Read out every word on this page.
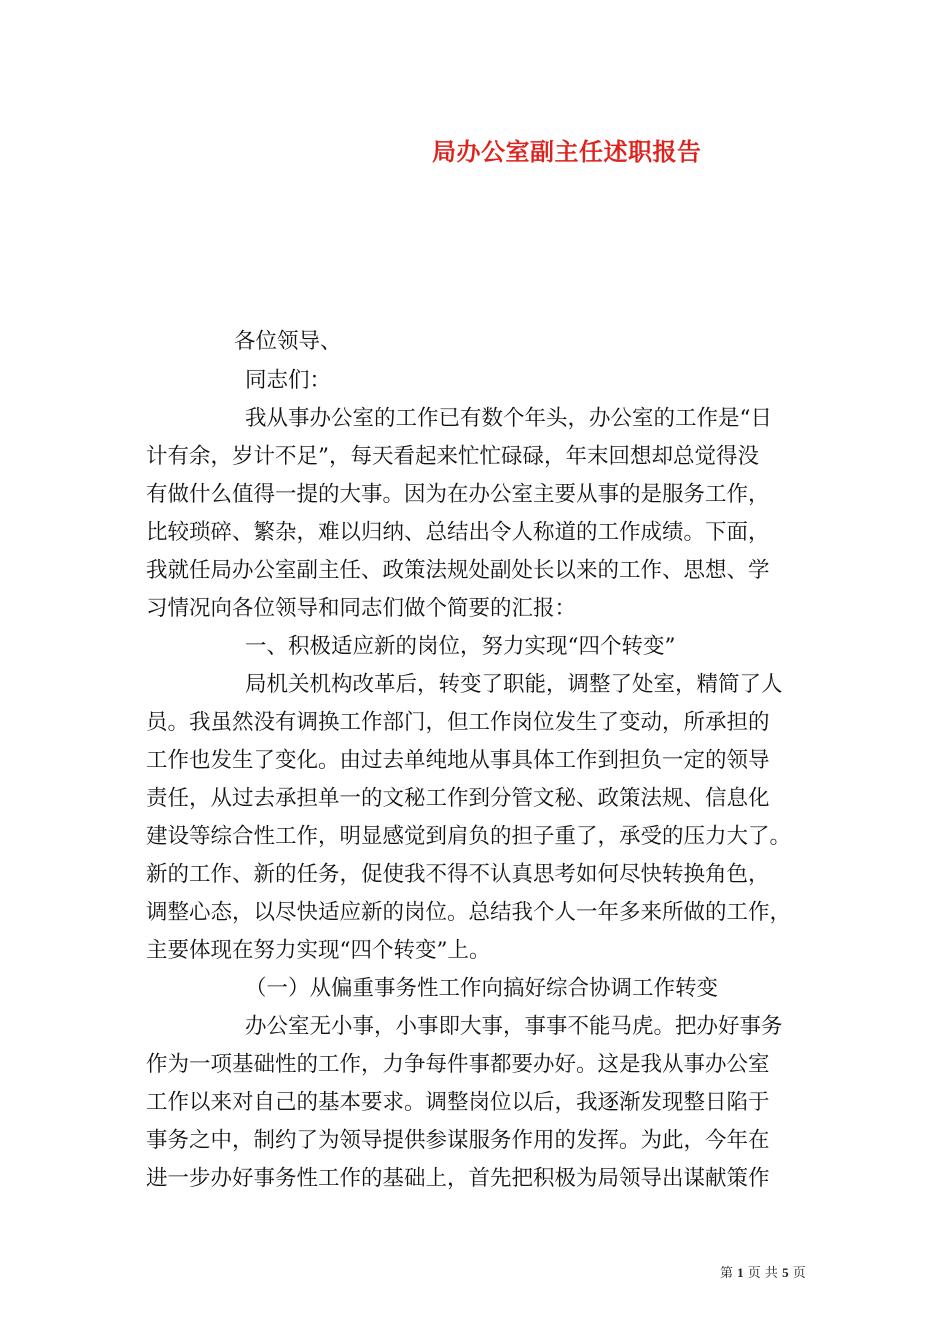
局办公室副主任述职报告
各位领导、
同志们：
我从事办公室的工作已有数个年头，办公室的工作是“日
计有余，岁计不足”，每天看起来忙忙碌碌，年末回想却总觉得没
有做什么值得一提的大事。因为在办公室主要从事的是服务工作，
比较琐碎、繁杂，难以归纳、总结出令人称道的工作成绩。下面，
我就任局办公室副主任、政策法规处副处长以来的工作、思想、学
习情况向各位领导和同志们做个简要的汇报：
一、积极适应新的岗位，努力实现“四个转变”
局机关机构改革后，转变了职能，调整了处室，精简了人
员。我虽然没有调换工作部门，但工作岗位发生了变动，所承担的
工作也发生了变化。由过去单纯地从事具体工作到担负一定的领导
责任，从过去承担单一的文秘工作到分管文秘、政策法规、信息化
建设等综合性工作，明显感觉到肩负的担子重了，承受的压力大了。
新的工作、新的任务，促使我不得不认真思考如何尽快转换角色，
调整心态，以尽快适应新的岗位。总结我个人一年多来所做的工作，
主要体现在努力实现“四个转变”上。
（一）从偏重事务性工作向搞好综合协调工作转变
办公室无小事，小事即大事，事事不能马虎。把办好事务
作为一项基础性的工作，力争每件事都要办好。这是我从事办公室
工作以来对自己的基本要求。调整岗位以后，我逐渐发现整日陷于
事务之中，制约了为领导提供参谋服务作用的发挥。为此，今年在
进一步办好事务性工作的基础上，首先把积极为局领导出谋献策作
第 1 页 共 5 页
